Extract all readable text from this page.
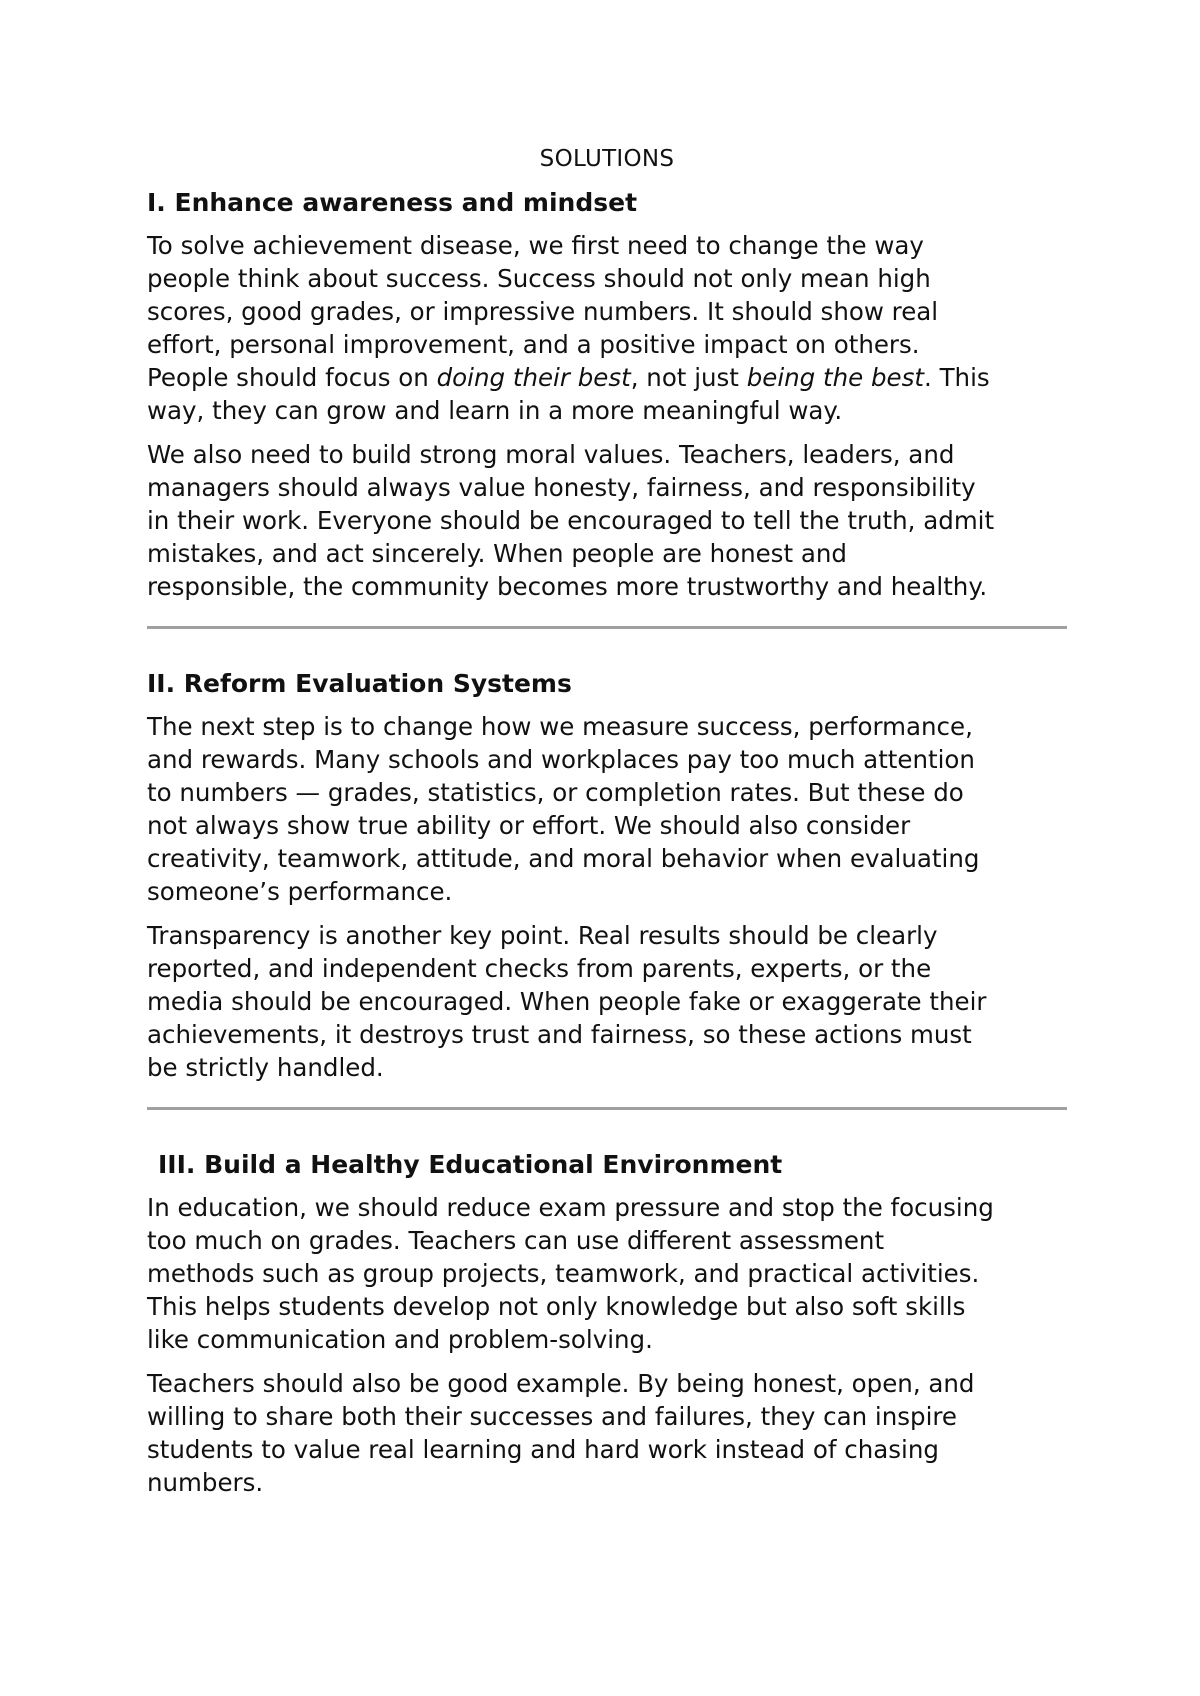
SOLUTIONS
I. Enhance awareness and mindset
To solve achievement disease, we first need to change the way
people think about success. Success should not only mean high
scores, good grades, or impressive numbers. It should show real
effort, personal improvement, and a positive impact on others.
People should focus on doing their best, not just being the best. This
way, they can grow and learn in a more meaningful way.
We also need to build strong moral values. Teachers, leaders, and
managers should always value honesty, fairness, and responsibility
in their work. Everyone should be encouraged to tell the truth, admit
mistakes, and act sincerely. When people are honest and
responsible, the community becomes more trustworthy and healthy.
II. Reform Evaluation Systems
The next step is to change how we measure success, performance,
and rewards. Many schools and workplaces pay too much attention
to numbers — grades, statistics, or completion rates. But these do
not always show true ability or effort. We should also consider
creativity, teamwork, attitude, and moral behavior when evaluating
someone’s performance.
Transparency is another key point. Real results should be clearly
reported, and independent checks from parents, experts, or the
media should be encouraged. When people fake or exaggerate their
achievements, it destroys trust and fairness, so these actions must
be strictly handled.
III. Build a Healthy Educational Environment
In education, we should reduce exam pressure and stop the focusing
too much on grades. Teachers can use different assessment
methods such as group projects, teamwork, and practical activities.
This helps students develop not only knowledge but also soft skills
like communication and problem-solving.
Teachers should also be good example. By being honest, open, and
willing to share both their successes and failures, they can inspire
students to value real learning and hard work instead of chasing
numbers.
